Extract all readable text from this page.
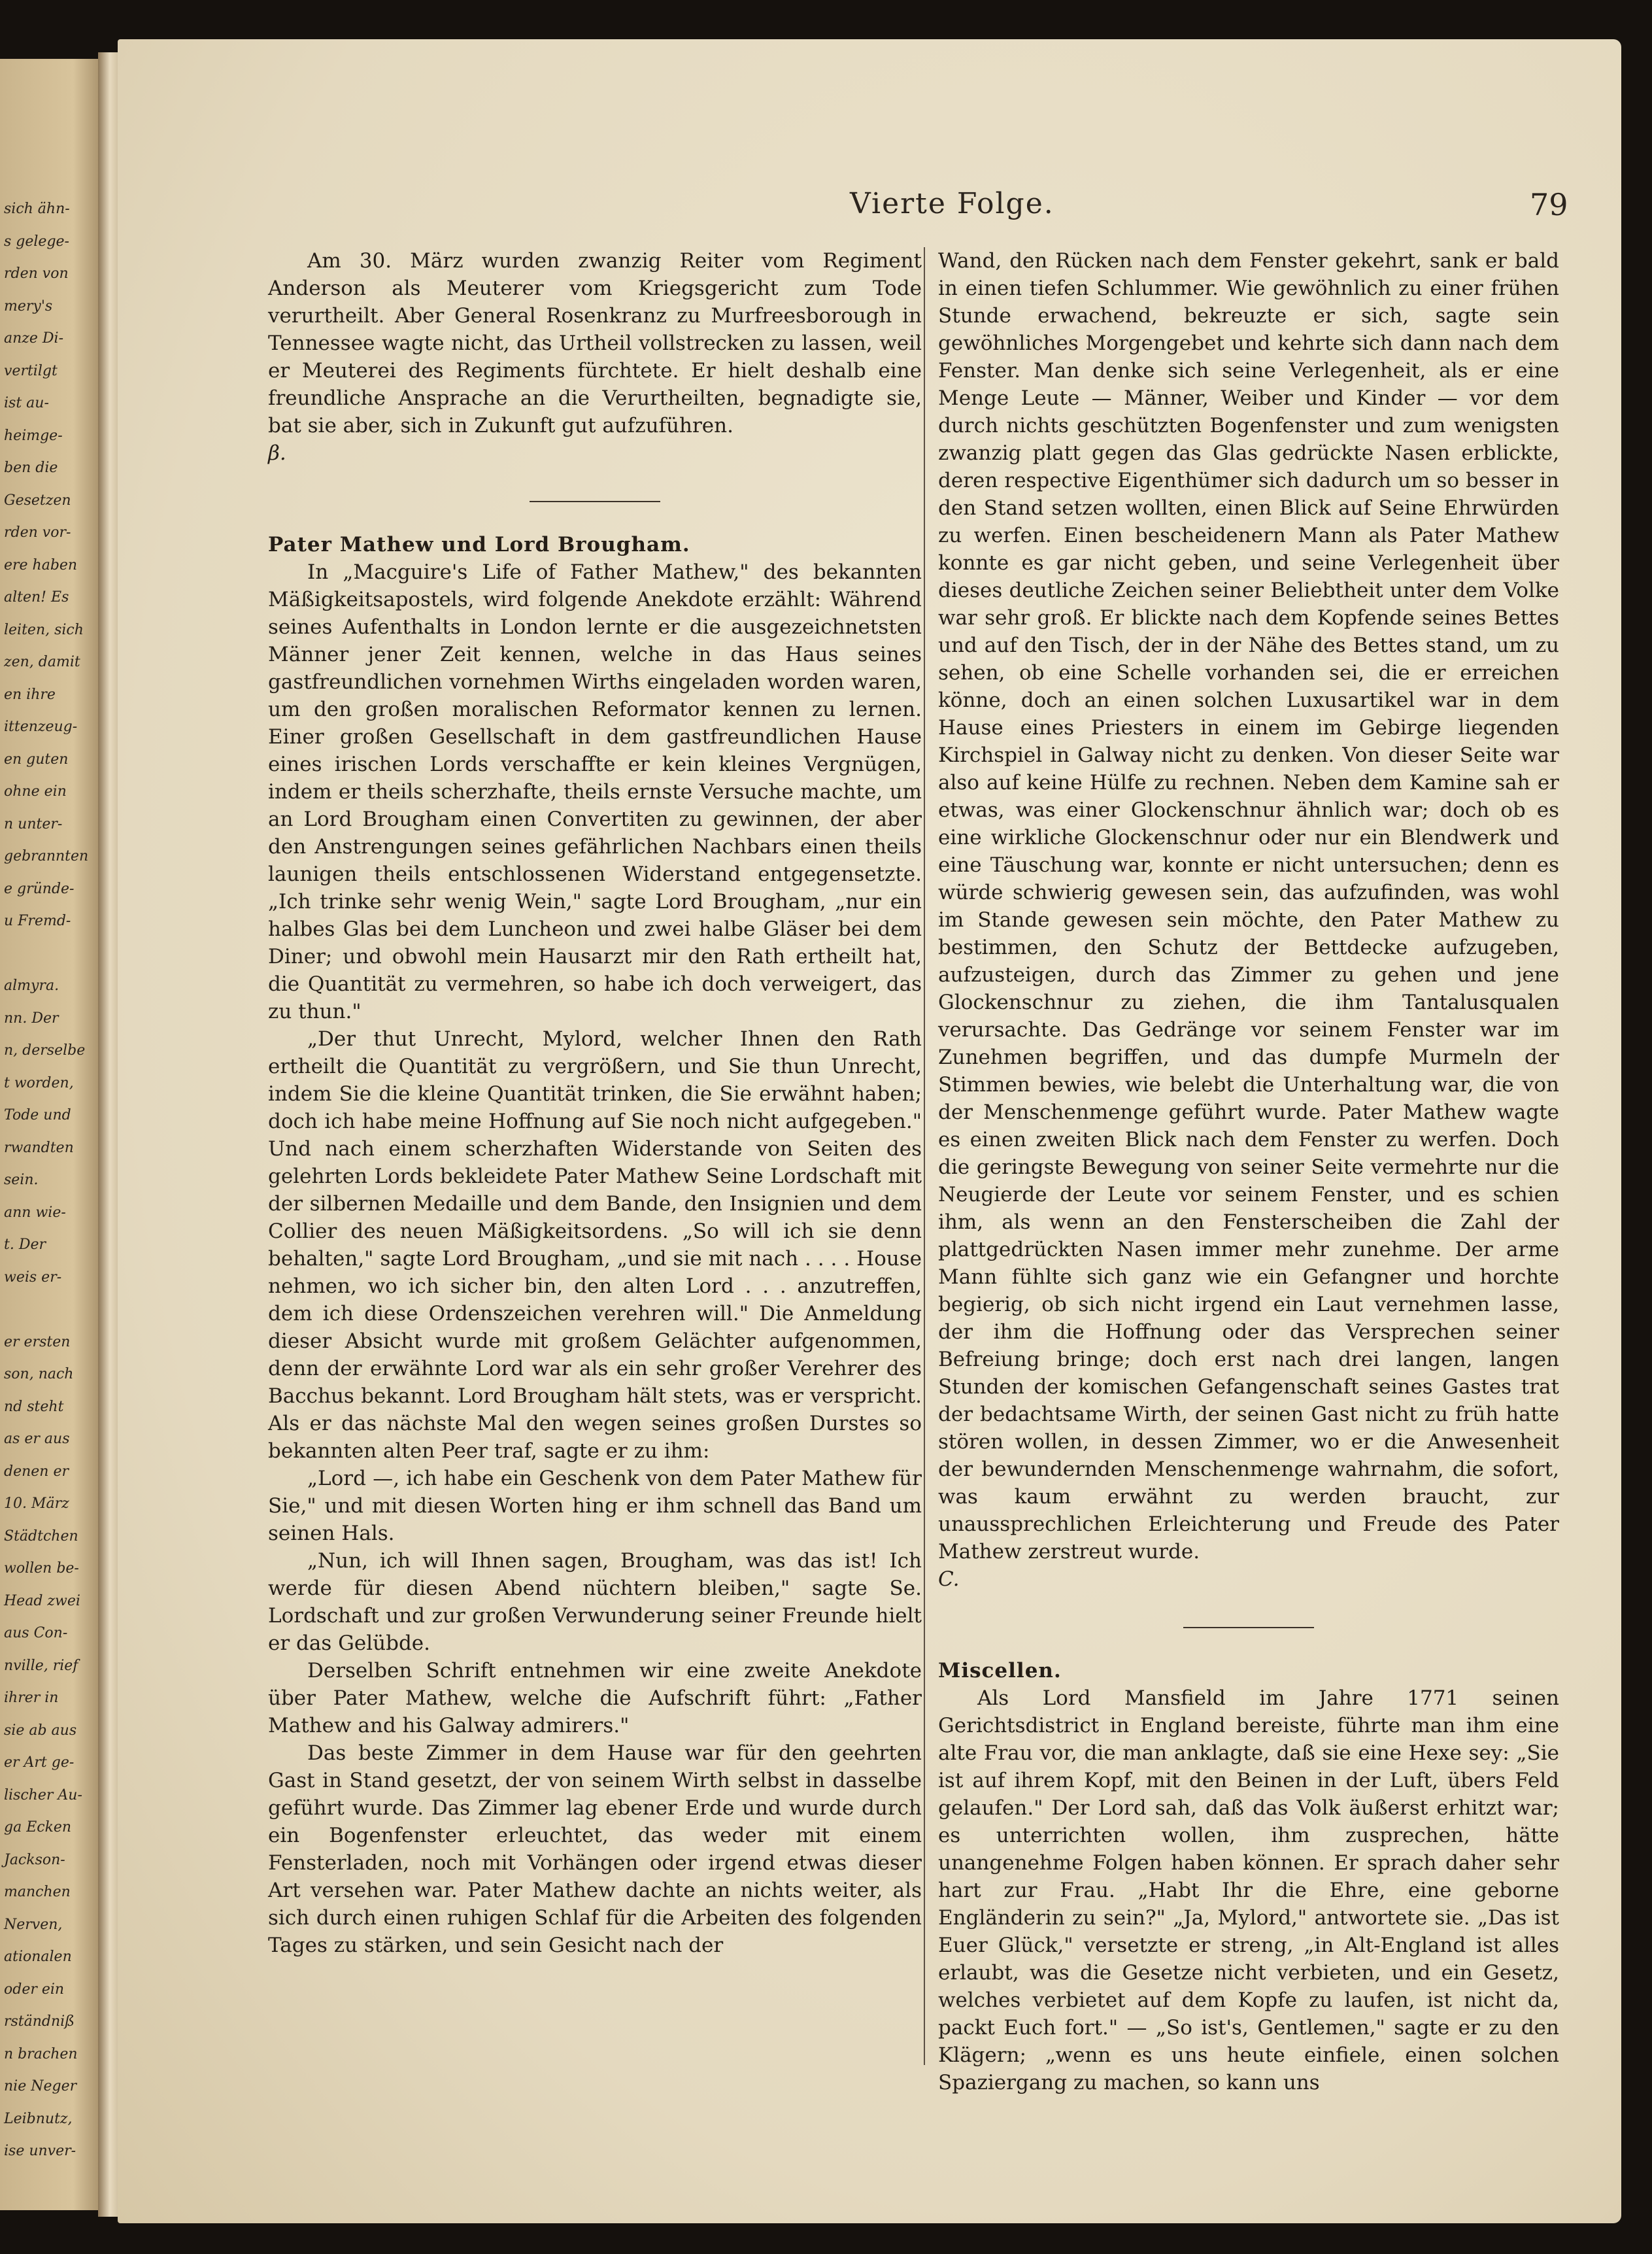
sich ähn-
s gelege-
rden von
mery's
anze Di-
vertilgt
ist au-
heimge-
ben die
Gesetzen
rden vor-
ere haben
alten! Es
leiten, sich
zen, damit
en ihre
ittenzeug-
en guten
ohne ein
n unter-
gebrannten
e gründe-
u Fremd-
almyra.
nn. Der
n, derselbe
t worden,
Tode und
rwandten
sein.
ann wie-
t. Der
weis er-
er ersten
son, nach
nd steht
as er aus
denen er
10. März
Städtchen
wollen be-
Head zwei
aus Con-
nville, rief
ihrer in
sie ab aus
er Art ge-
lischer Au-
ga Ecken
Jackson-
manchen
Nerven,
ationalen
oder ein
rständniß
n brachen
nie Neger
Leibnutz,
ise unver-
Vierte Folge.	79

Am 30. März wurden zwanzig Reiter vom Regiment Anderson als Meuterer vom Kriegsgericht zum Tode verurtheilt. Aber General Rosenkranz zu Murfreesborough in Tennessee wagte nicht, das Urtheil vollstrecken zu lassen, weil er Meuterei des Regiments fürchtete. Er hielt deshalb eine freundliche Ansprache an die Verurtheilten, begnadigte sie, bat sie aber, sich in Zukunft gut aufzuführen.

β.

Pater Mathew und Lord Brougham.

In „Macguire's Life of Father Mathew," des bekannten Mäßigkeitsapostels, wird folgende Anekdote erzählt: Während seines Aufenthalts in London lernte er die ausgezeichnetsten Männer jener Zeit kennen, welche in das Haus seines gastfreundlichen vornehmen Wirths eingeladen worden waren, um den großen moralischen Reformator kennen zu lernen. Einer großen Gesellschaft in dem gastfreundlichen Hause eines irischen Lords verschaffte er kein kleines Vergnügen, indem er theils scherzhafte, theils ernste Versuche machte, um an Lord Brougham einen Convertiten zu gewinnen, der aber den Anstrengungen seines gefährlichen Nachbars einen theils launigen theils entschlossenen Widerstand entgegensetzte. „Ich trinke sehr wenig Wein," sagte Lord Brougham, „nur ein halbes Glas bei dem Luncheon und zwei halbe Gläser bei dem Diner; und obwohl mein Hausarzt mir den Rath ertheilt hat, die Quantität zu vermehren, so habe ich doch verweigert, das zu thun."

„Der thut Unrecht, Mylord, welcher Ihnen den Rath ertheilt die Quantität zu vergrößern, und Sie thun Unrecht, indem Sie die kleine Quantität trinken, die Sie erwähnt haben; doch ich habe meine Hoffnung auf Sie noch nicht aufgegeben." Und nach einem scherzhaften Widerstande von Seiten des gelehrten Lords bekleidete Pater Mathew Seine Lordschaft mit der silbernen Medaille und dem Bande, den Insignien und dem Collier des neuen Mäßigkeitsordens. „So will ich sie denn behalten," sagte Lord Brougham, „und sie mit nach . . . . House nehmen, wo ich sicher bin, den alten Lord . . . anzutreffen, dem ich diese Ordenszeichen verehren will." Die Anmeldung dieser Absicht wurde mit großem Gelächter aufgenommen, denn der erwähnte Lord war als ein sehr großer Verehrer des Bacchus bekannt. Lord Brougham hält stets, was er verspricht. Als er das nächste Mal den wegen seines großen Durstes so bekannten alten Peer traf, sagte er zu ihm:

„Lord —, ich habe ein Geschenk von dem Pater Mathew für Sie," und mit diesen Worten hing er ihm schnell das Band um seinen Hals.

„Nun, ich will Ihnen sagen, Brougham, was das ist! Ich werde für diesen Abend nüchtern bleiben," sagte Se. Lordschaft und zur großen Verwunderung seiner Freunde hielt er das Gelübde.

Derselben Schrift entnehmen wir eine zweite Anekdote über Pater Mathew, welche die Aufschrift führt: „Father Mathew and his Galway admirers."

Das beste Zimmer in dem Hause war für den geehrten Gast in Stand gesetzt, der von seinem Wirth selbst in dasselbe geführt wurde. Das Zimmer lag ebener Erde und wurde durch ein Bogenfenster erleuchtet, das weder mit einem Fensterladen, noch mit Vorhängen oder irgend etwas dieser Art versehen war. Pater Mathew dachte an nichts weiter, als sich durch einen ruhigen Schlaf für die Arbeiten des folgenden Tages zu stärken, und sein Gesicht nach der

Wand, den Rücken nach dem Fenster gekehrt, sank er bald in einen tiefen Schlummer. Wie gewöhnlich zu einer frühen Stunde erwachend, bekreuzte er sich, sagte sein gewöhnliches Morgengebet und kehrte sich dann nach dem Fenster. Man denke sich seine Verlegenheit, als er eine Menge Leute — Männer, Weiber und Kinder — vor dem durch nichts geschützten Bogenfenster und zum wenigsten zwanzig platt gegen das Glas gedrückte Nasen erblickte, deren respective Eigenthümer sich dadurch um so besser in den Stand setzen wollten, einen Blick auf Seine Ehrwürden zu werfen. Einen bescheidenern Mann als Pater Mathew konnte es gar nicht geben, und seine Verlegenheit über dieses deutliche Zeichen seiner Beliebtheit unter dem Volke war sehr groß. Er blickte nach dem Kopfende seines Bettes und auf den Tisch, der in der Nähe des Bettes stand, um zu sehen, ob eine Schelle vorhanden sei, die er erreichen könne, doch an einen solchen Luxusartikel war in dem Hause eines Priesters in einem im Gebirge liegenden Kirchspiel in Galway nicht zu denken. Von dieser Seite war also auf keine Hülfe zu rechnen. Neben dem Kamine sah er etwas, was einer Glockenschnur ähnlich war; doch ob es eine wirkliche Glockenschnur oder nur ein Blendwerk und eine Täuschung war, konnte er nicht untersuchen; denn es würde schwierig gewesen sein, das aufzufinden, was wohl im Stande gewesen sein möchte, den Pater Mathew zu bestimmen, den Schutz der Bettdecke aufzugeben, aufzusteigen, durch das Zimmer zu gehen und jene Glockenschnur zu ziehen, die ihm Tantalusqualen verursachte. Das Gedränge vor seinem Fenster war im Zunehmen begriffen, und das dumpfe Murmeln der Stimmen bewies, wie belebt die Unterhaltung war, die von der Menschenmenge geführt wurde. Pater Mathew wagte es einen zweiten Blick nach dem Fenster zu werfen. Doch die geringste Bewegung von seiner Seite vermehrte nur die Neugierde der Leute vor seinem Fenster, und es schien ihm, als wenn an den Fensterscheiben die Zahl der plattgedrückten Nasen immer mehr zunehme. Der arme Mann fühlte sich ganz wie ein Gefangner und horchte begierig, ob sich nicht irgend ein Laut vernehmen lasse, der ihm die Hoffnung oder das Versprechen seiner Befreiung bringe; doch erst nach drei langen, langen Stunden der komischen Gefangenschaft seines Gastes trat der bedachtsame Wirth, der seinen Gast nicht zu früh hatte stören wollen, in dessen Zimmer, wo er die Anwesenheit der bewundernden Menschenmenge wahrnahm, die sofort, was kaum erwähnt zu werden braucht, zur unaussprechlichen Erleichterung und Freude des Pater Mathew zerstreut wurde.

C.

Miscellen.

Als Lord Mansfield im Jahre 1771 seinen Gerichtsdistrict in England bereiste, führte man ihm eine alte Frau vor, die man anklagte, daß sie eine Hexe sey: „Sie ist auf ihrem Kopf, mit den Beinen in der Luft, übers Feld gelaufen." Der Lord sah, daß das Volk äußerst erhitzt war; es unterrichten wollen, ihm zusprechen, hätte unangenehme Folgen haben können. Er sprach daher sehr hart zur Frau. „Habt Ihr die Ehre, eine geborne Engländerin zu sein?" „Ja, Mylord," antwortete sie. „Das ist Euer Glück," versetzte er streng, „in Alt-England ist alles erlaubt, was die Gesetze nicht verbieten, und ein Gesetz, welches verbietet auf dem Kopfe zu laufen, ist nicht da, packt Euch fort." — „So ist's, Gentlemen," sagte er zu den Klägern; „wenn es uns heute einfiele, einen solchen Spaziergang zu machen, so kann uns
